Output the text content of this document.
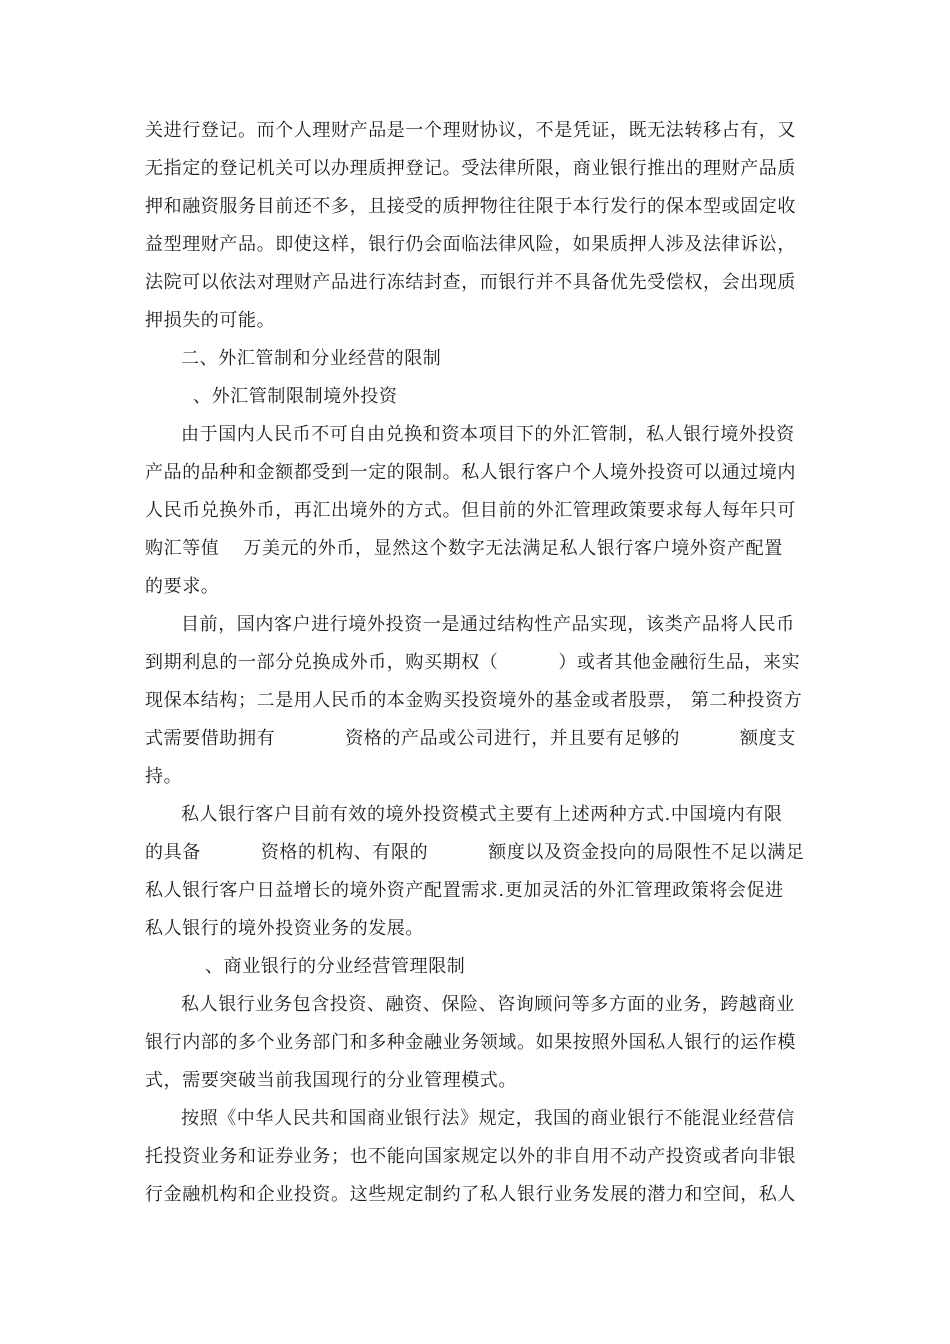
关进行登记。而个人理财产品是一个理财协议，不是凭证，既无法转移占有，又
无指定的登记机关可以办理质押登记。受法律所限，商业银行推出的理财产品质
押和融资服务目前还不多，且接受的质押物往往限于本行发行的保本型或固定收
益型理财产品。即使这样，银行仍会面临法律风险，如果质押人涉及法律诉讼，
法院可以依法对理财产品进行冻结封查，而银行并不具备优先受偿权，会出现质
押损失的可能。
二、外汇管制和分业经营的限制
、外汇管制限制境外投资
由于国内人民币不可自由兑换和资本项目下的外汇管制，私人银行境外投资
产品的品种和金额都受到一定的限制。私人银行客户个人境外投资可以通过境内
人民币兑换外币，再汇出境外的方式。但目前的外汇管理政策要求每人每年只可
购汇等值 万美元的外币，显然这个数字无法满足私人银行客户境外资产配置
的要求。
目前，国内客户进行境外投资一是通过结构性产品实现，该类产品将人民币
到期利息的一部分兑换成外币，购买期权（	）或者其他金融衍生品，来实
现保本结构；二是用人民币的本金购买投资境外的基金或者股票， 第二种投资方
式需要借助拥有	资格的产品或公司进行，并且要有足够的	额度支
持。
私人银行客户目前有效的境外投资模式主要有上述两种方式.中国境内有限
的具备	资格的机构、有限的	额度以及资金投向的局限性不足以满足
私人银行客户日益增长的境外资产配置需求.更加灵活的外汇管理政策将会促进
私人银行的境外投资业务的发展。
、商业银行的分业经营管理限制
私人银行业务包含投资、融资、保险、咨询顾问等多方面的业务，跨越商业
银行内部的多个业务部门和多种金融业务领域。如果按照外国私人银行的运作模
式，需要突破当前我国现行的分业管理模式。
按照《中华人民共和国商业银行法》规定，我国的商业银行不能混业经营信
托投资业务和证券业务；也不能向国家规定以外的非自用不动产投资或者向非银
行金融机构和企业投资。这些规定制约了私人银行业务发展的潜力和空间，私人
